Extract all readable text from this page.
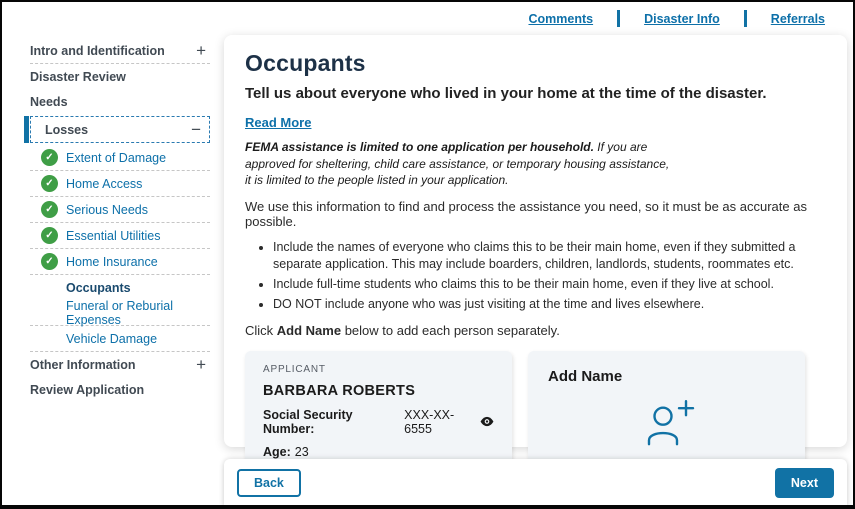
Comments	Disaster Info	Referrals
Intro and Identification +
Disaster Review
Needs
Losses	−
✓
Extent of Damage
✓
Home Access
✓
Serious Needs
✓
Essential Utilities
✓
Home Insurance
Occupants
Funeral or Reburial Expenses
Vehicle Damage
Other Information	+
Review Application
Occupants
Tell us about everyone who lived in your home at the time of the disaster.
Read More
FEMA assistance is limited to one application per household. If you are
approved for sheltering, child care assistance, or temporary housing assistance,
it is limited to the people listed in your application.

We use this information to find and process the assistance you need, so it must be as accurate as possible.

• Include the names of everyone who claims this to be their main home, even if they submitted a separate application. This may include boarders, children, landlords, students, roommates etc.
• Include full-time students who claims this to be their main home, even if they live at school.
• DO NOT include anyone who was just visiting at the time and lives elsewhere.

Click Add Name below to add each person separately.

APPLICANT
BARBARA ROBERTS
Social Security Number:
XXX-XX-6555
Age: 23
Add Name
Back	Next
